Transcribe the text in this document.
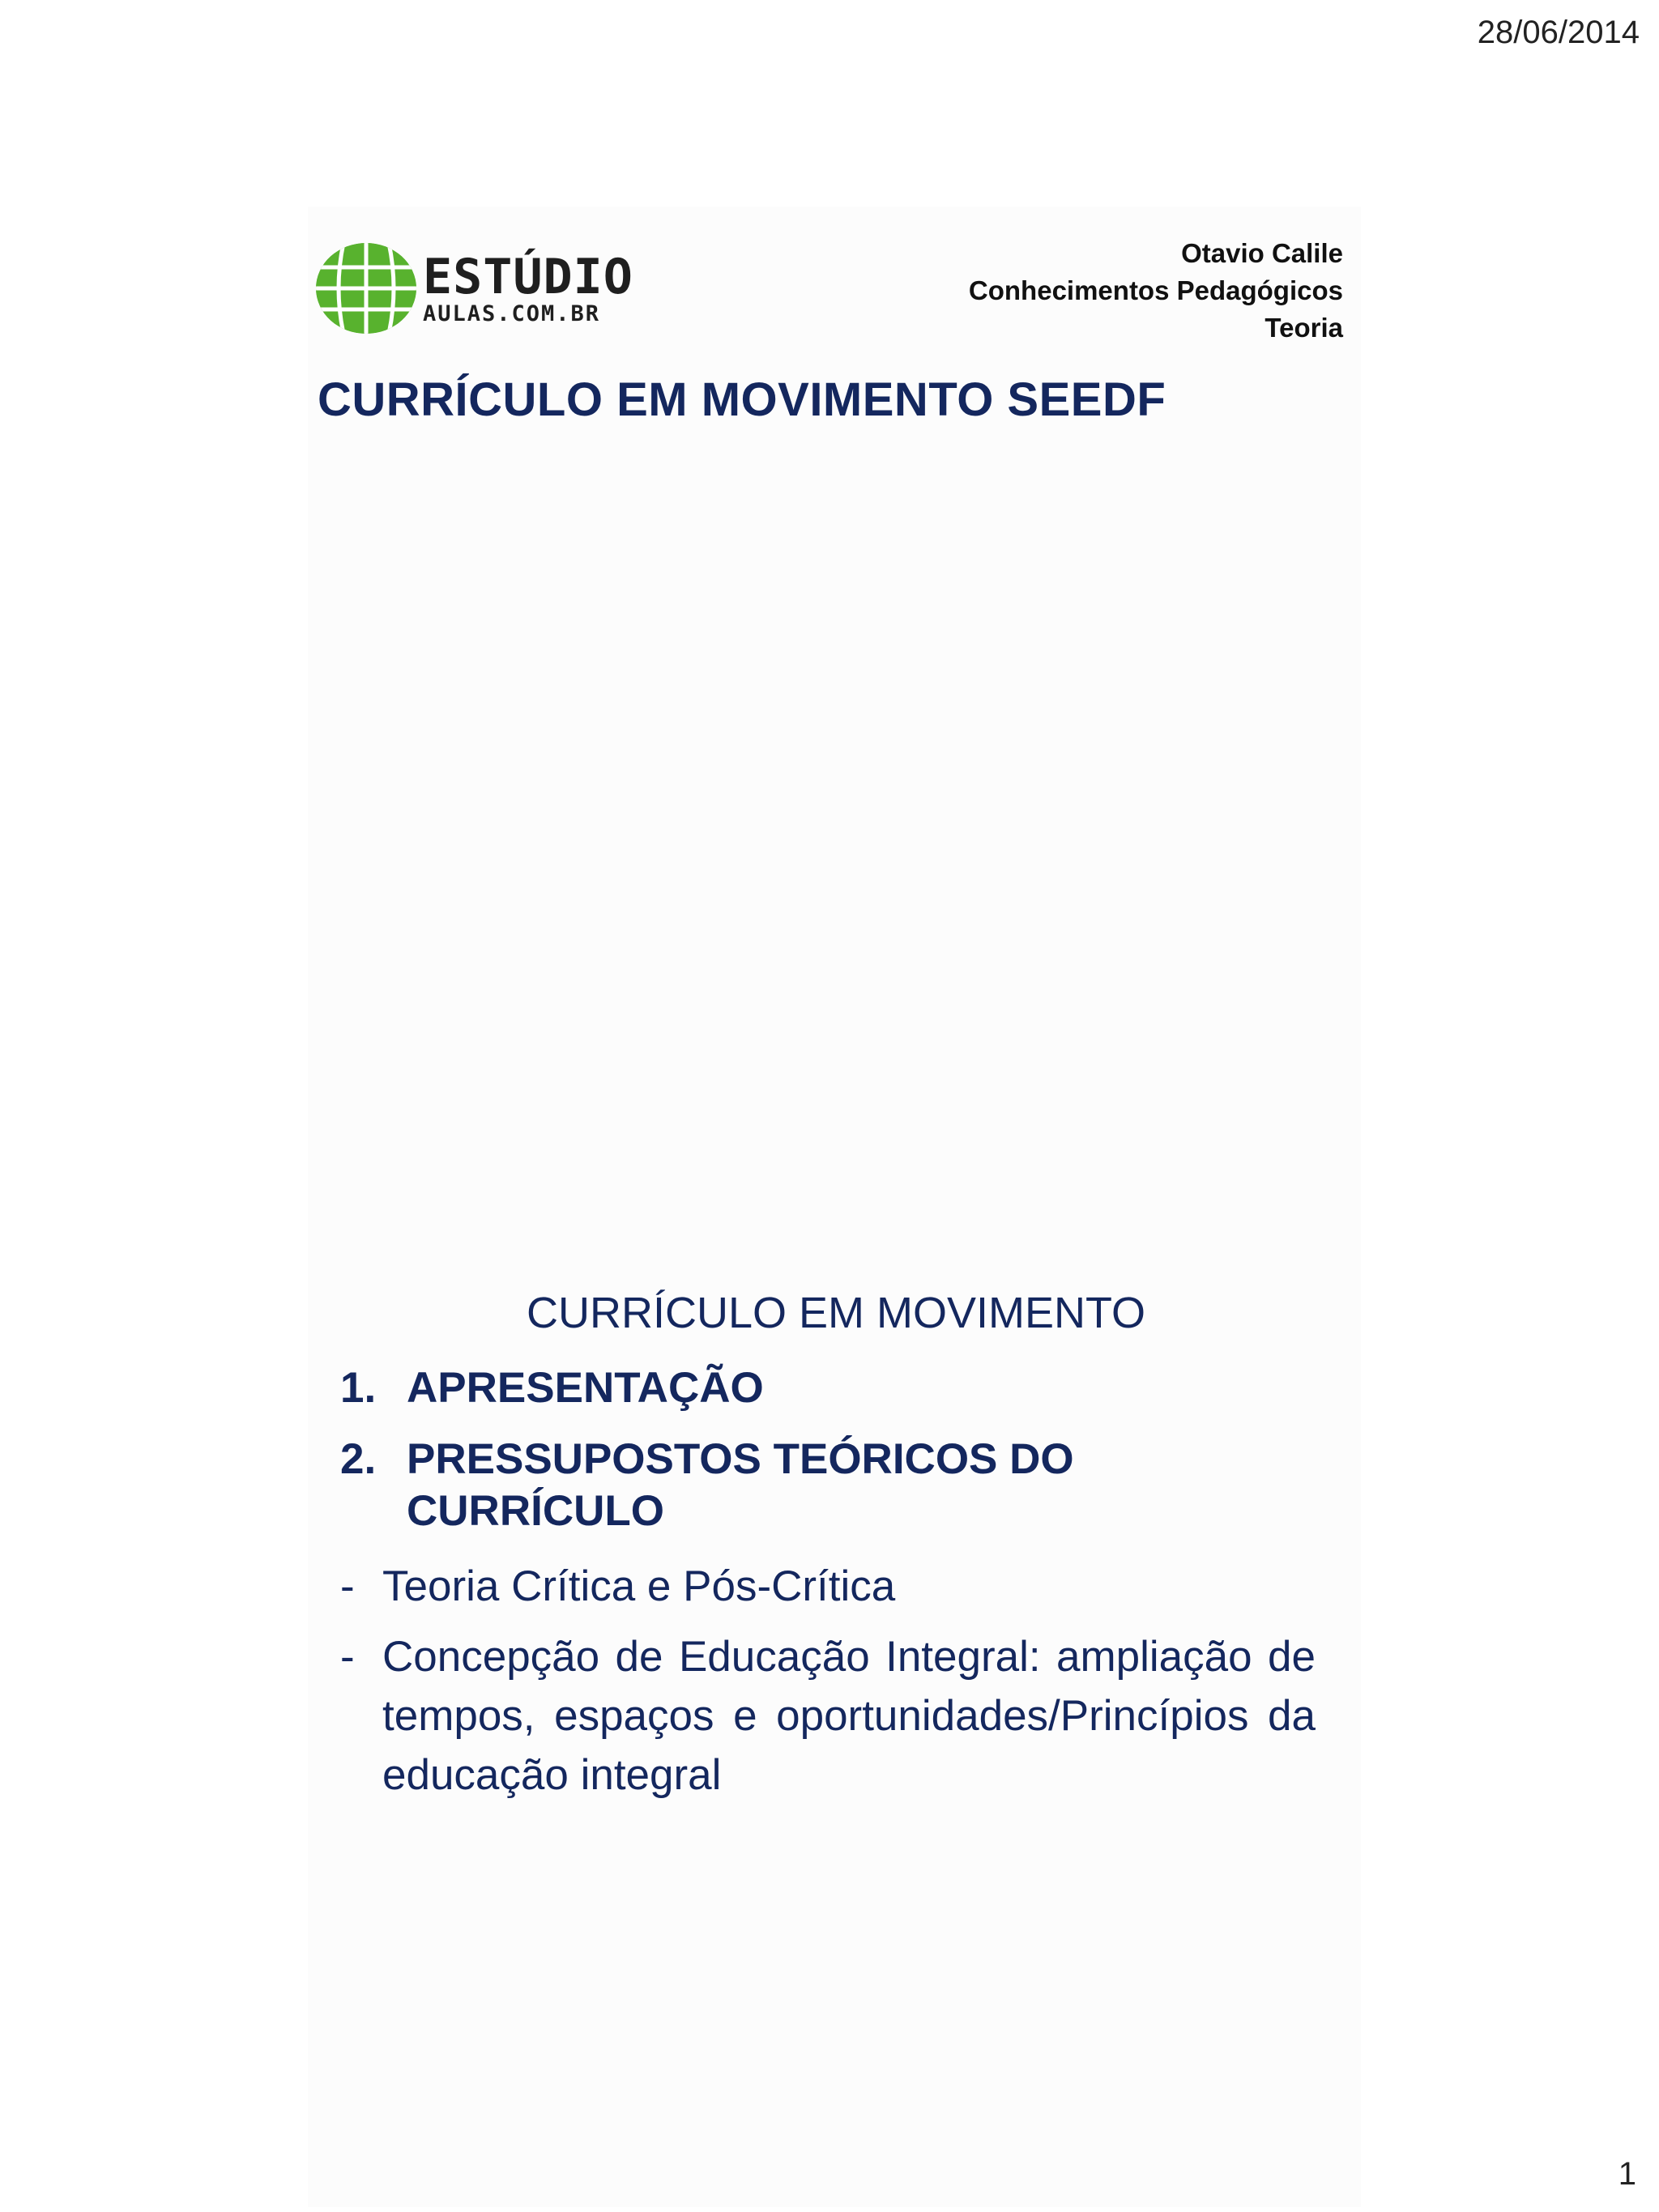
28/06/2014
ESTÚDIO
AULAS.COM.BR
Otavio Calile
Conhecimentos Pedagógicos
Teoria
CURRÍCULO EM MOVIMENTO SEEDF
CURRÍCULO EM MOVIMENTO
1. APRESENTAÇÃO
2. PRESSUPOSTOS TEÓRICOS DO CURRÍCULO
- Teoria Crítica e Pós-Crítica
- Concepção de Educação Integral: ampliação de tempos, espaços e oportunidades/Princípios da educação integral
1
